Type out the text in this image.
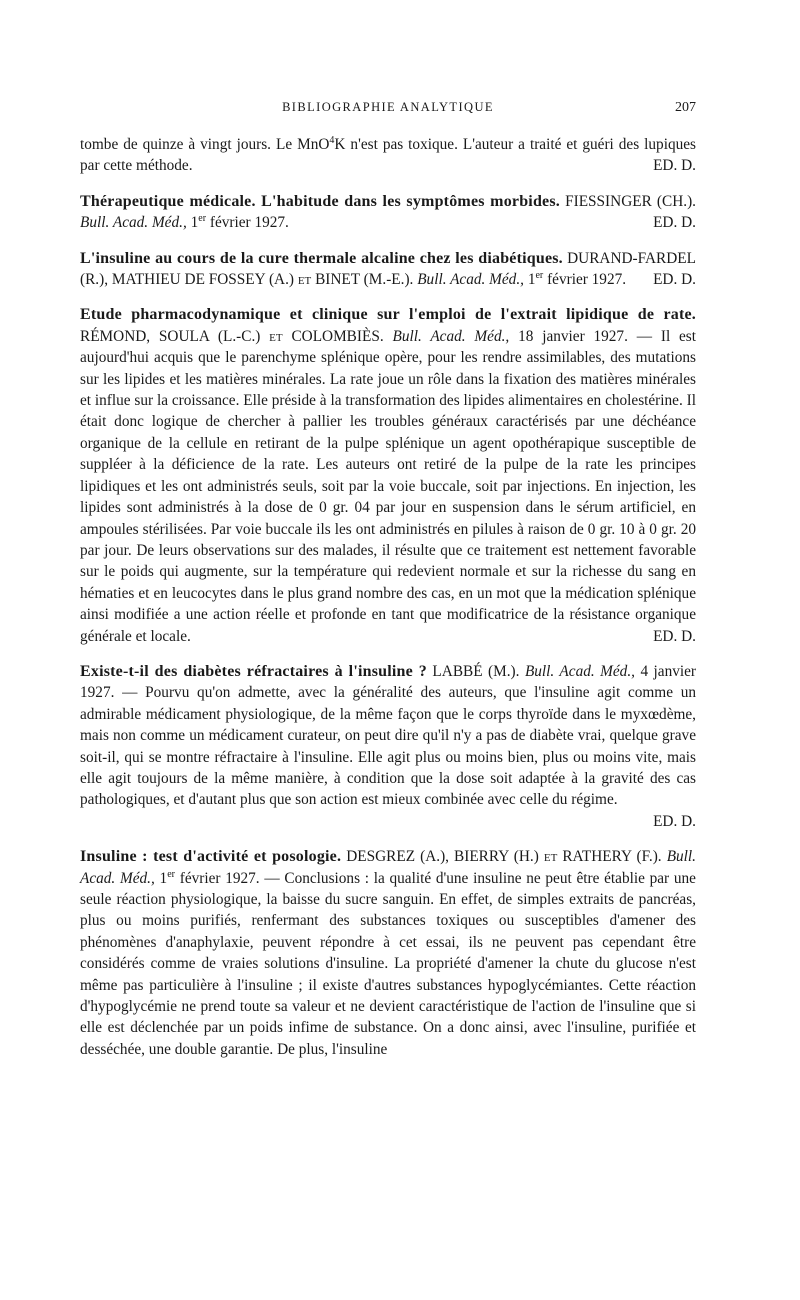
BIBLIOGRAPHIE ANALYTIQUE	207

tombe de quinze à vingt jours. Le MnO$^4$K n'est pas toxique. L'auteur a traité et guéri des lupiques par cette méthode.	ED. D.

Thérapeutique médicale. L'habitude dans les symptômes morbides. FIESSINGER (CH.). Bull. Acad. Méd., 1er février 1927.	ED. D.

L'insuline au cours de la cure thermale alcaline chez les diabétiques. DURAND-FARDEL (R.), MATHIEU DE FOSSEY (A.) et BINET (M.-E.). Bull. Acad. Méd., 1er février 1927.	ED. D.

Etude pharmacodynamique et clinique sur l'emploi de l'extrait lipidique de rate. RÉMOND, SOULA (L.-C.) et COLOMBIÈS. Bull. Acad. Méd., 18 janvier 1927. — Il est aujourd'hui acquis que le parenchyme splénique opère, pour les rendre assimilables, des mutations sur les lipides et les matières minérales. La rate joue un rôle dans la fixation des matières minérales et influe sur la croissance. Elle préside à la transformation des lipides alimentaires en cholestérine. Il était donc logique de chercher à pallier les troubles généraux caractérisés par une déchéance organique de la cellule en retirant de la pulpe splénique un agent opothérapique susceptible de suppléer à la déficience de la rate. Les auteurs ont retiré de la pulpe de la rate les principes lipidiques et les ont administrés seuls, soit par la voie buccale, soit par injections. En injection, les lipides sont administrés à la dose de 0 gr. 04 par jour en suspension dans le sérum artificiel, en ampoules stérilisées. Par voie buccale ils les ont administrés en pilules à raison de 0 gr. 10 à 0 gr. 20 par jour. De leurs observations sur des malades, il résulte que ce traitement est nettement favorable sur le poids qui augmente, sur la température qui redevient normale et sur la richesse du sang en hématies et en leucocytes dans le plus grand nombre des cas, en un mot que la médication splénique ainsi modifiée a une action réelle et profonde en tant que modificatrice de la résistance organique générale et locale.	ED. D.

Existe-t-il des diabètes réfractaires à l'insuline ? LABBÉ (M.). Bull. Acad. Méd., 4 janvier 1927. — Pourvu qu'on admette, avec la généralité des auteurs, que l'insuline agit comme un admirable médicament physiologique, de la même façon que le corps thyroïde dans le myxœdème, mais non comme un médicament curateur, on peut dire qu'il n'y a pas de diabète vrai, quelque grave soit-il, qui se montre réfractaire à l'insuline. Elle agit plus ou moins bien, plus ou moins vite, mais elle agit toujours de la même manière, à condition que la dose soit adaptée à la gravité des cas pathologiques, et d'autant plus que son action est mieux combinée avec celle du régime.

ED. D.

Insuline : test d'activité et posologie. DESGREZ (A.), BIERRY (H.) et RATHERY (F.). Bull. Acad. Méd., 1er février 1927. — Conclusions : la qualité d'une insuline ne peut être établie par une seule réaction physiologique, la baisse du sucre sanguin. En effet, de simples extraits de pancréas, plus ou moins purifiés, renfermant des substances toxiques ou susceptibles d'amener des phénomènes d'anaphylaxie, peuvent répondre à cet essai, ils ne peuvent pas cependant être considérés comme de vraies solutions d'insuline. La propriété d'amener la chute du glucose n'est même pas particulière à l'insuline ; il existe d'autres substances hypoglycémiantes. Cette réaction d'hypoglycémie ne prend toute sa valeur et ne devient caractéristique de l'action de l'insuline que si elle est déclenchée par un poids infime de substance. On a donc ainsi, avec l'insuline, purifiée et desséchée, une double garantie. De plus, l'insuline
